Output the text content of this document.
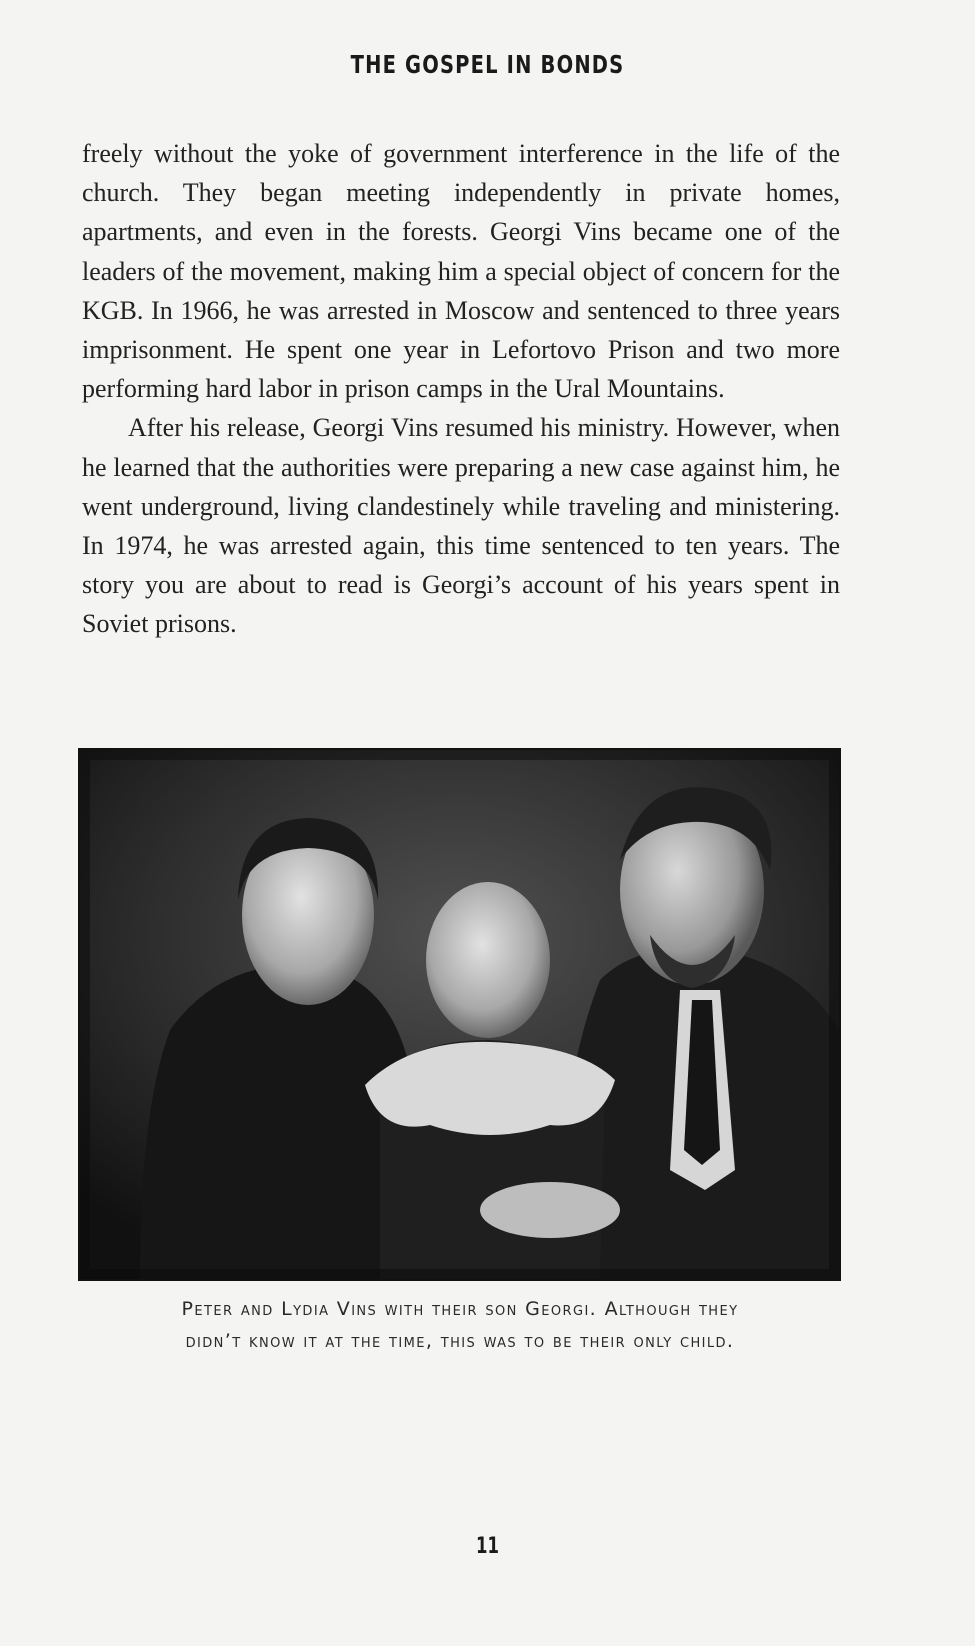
THE GOSPEL IN BONDS

freely without the yoke of government interference in the life of the church. They began meeting independently in private homes, apartments, and even in the forests. Georgi Vins became one of the leaders of the movement, making him a special object of concern for the KGB. In 1966, he was arrested in Moscow and sentenced to three years imprisonment. He spent one year in Lefortovo Prison and two more performing hard labor in prison camps in the Ural Mountains.

After his release, Georgi Vins resumed his ministry. However, when he learned that the authorities were preparing a new case against him, he went underground, living clandestinely while traveling and ministering. In 1974, he was arrested again, this time sentenced to ten years. The story you are about to read is Georgi’s account of his years spent in Soviet prisons.

Peter and Lydia Vins with their son Georgi. Although they
didn’t know it at the time, this was to be their only child.
11
